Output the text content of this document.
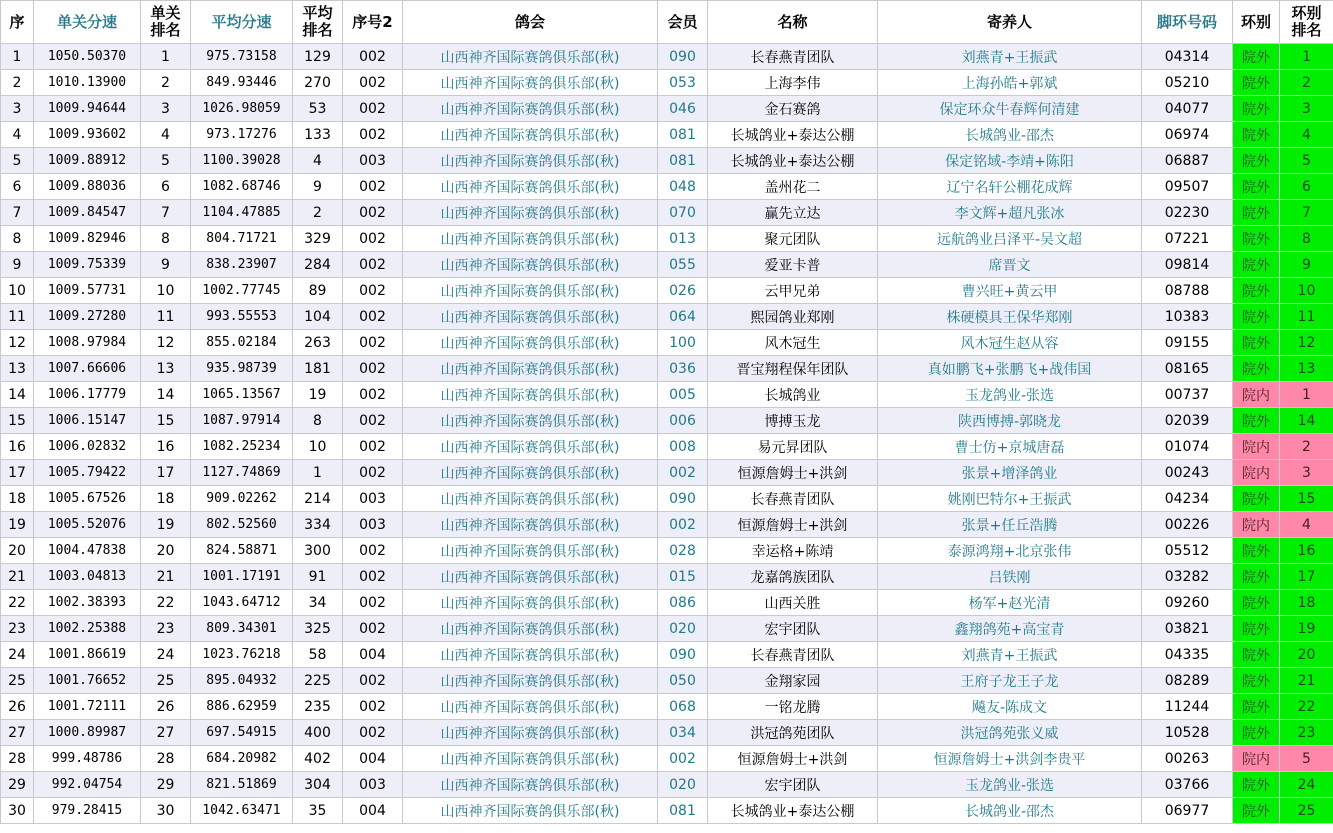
序	单关分速	单关排名	平均分速	平均排名	序号2	鸽会	会员	名称	寄养人	脚环号码	环别	环别排名
1	1050.50370	1	975.73158	129	002	山西神齐国际赛鸽俱乐部(秋)	090	长春燕青团队	刘燕青+王振武	04314	院外	1
2	1010.13900	2	849.93446	270	002	山西神齐国际赛鸽俱乐部(秋)	053	上海李伟	上海孙皓+郭斌	05210	院外	2
3	1009.94644	3	1026.98059	53	002	山西神齐国际赛鸽俱乐部(秋)	046	金石赛鸽	保定环众牛春辉何清建	04077	院外	3
4	1009.93602	4	973.17276	133	002	山西神齐国际赛鸽俱乐部(秋)	081	长城鸽业+泰达公棚	长城鸽业-邵杰	06974	院外	4
5	1009.88912	5	1100.39028	4	003	山西神齐国际赛鸽俱乐部(秋)	081	长城鸽业+泰达公棚	保定铭域-李靖+陈阳	06887	院外	5
6	1009.88036	6	1082.68746	9	002	山西神齐国际赛鸽俱乐部(秋)	048	盖州花二	辽宁名轩公棚花成辉	09507	院外	6
7	1009.84547	7	1104.47885	2	002	山西神齐国际赛鸽俱乐部(秋)	070	赢先立达	李文辉+超凡张冰	02230	院外	7
8	1009.82946	8	804.71721	329	002	山西神齐国际赛鸽俱乐部(秋)	013	聚元团队	远航鸽业吕泽平-吴文超	07221	院外	8
9	1009.75339	9	838.23907	284	002	山西神齐国际赛鸽俱乐部(秋)	055	爱亚卡普	席晋文	09814	院外	9
10	1009.57731	10	1002.77745	89	002	山西神齐国际赛鸽俱乐部(秋)	026	云甲兄弟	曹兴旺+黄云甲	08788	院外	10
11	1009.27280	11	993.55553	104	002	山西神齐国际赛鸽俱乐部(秋)	064	熙园鸽业郑刚	株硬模具王保华郑刚	10383	院外	11
12	1008.97984	12	855.02184	263	002	山西神齐国际赛鸽俱乐部(秋)	100	风木冠生	风木冠生赵从容	09155	院外	12
13	1007.66606	13	935.98739	181	002	山西神齐国际赛鸽俱乐部(秋)	036	晋宝翔程保年团队	真如鹏飞+张鹏飞+战伟国	08165	院外	13
14	1006.17779	14	1065.13567	19	002	山西神齐国际赛鸽俱乐部(秋)	005	长城鸽业	玉龙鸽业-张选	00737	院内	1
15	1006.15147	15	1087.97914	8	002	山西神齐国际赛鸽俱乐部(秋)	006	博搏玉龙	陕西博搏-郭晓龙	02039	院外	14
16	1006.02832	16	1082.25234	10	002	山西神齐国际赛鸽俱乐部(秋)	008	易元昇团队	曹士仿+京城唐磊	01074	院内	2
17	1005.79422	17	1127.74869	1	002	山西神齐国际赛鸽俱乐部(秋)	002	恒源詹姆士+洪剑	张景+增泽鸽业	00243	院内	3
18	1005.67526	18	909.02262	214	003	山西神齐国际赛鸽俱乐部(秋)	090	长春燕青团队	姚刚巴特尔+王振武	04234	院外	15
19	1005.52076	19	802.52560	334	003	山西神齐国际赛鸽俱乐部(秋)	002	恒源詹姆士+洪剑	张景+任丘浩腾	00226	院内	4
20	1004.47838	20	824.58871	300	002	山西神齐国际赛鸽俱乐部(秋)	028	幸运格+陈靖	泰源鸿翔+北京张伟	05512	院外	16
21	1003.04813	21	1001.17191	91	002	山西神齐国际赛鸽俱乐部(秋)	015	龙嘉鸽族团队	吕铁刚	03282	院外	17
22	1002.38393	22	1043.64712	34	002	山西神齐国际赛鸽俱乐部(秋)	086	山西关胜	杨军+赵光清	09260	院外	18
23	1002.25388	23	809.34301	325	002	山西神齐国际赛鸽俱乐部(秋)	020	宏宇团队	鑫翔鸽苑+高宝青	03821	院外	19
24	1001.86619	24	1023.76218	58	004	山西神齐国际赛鸽俱乐部(秋)	090	长春燕青团队	刘燕青+王振武	04335	院外	20
25	1001.76652	25	895.04932	225	002	山西神齐国际赛鸽俱乐部(秋)	050	金翔家园	王府子龙王子龙	08289	院外	21
26	1001.72111	26	886.62959	235	002	山西神齐国际赛鸽俱乐部(秋)	068	一铭龙腾	飚友-陈成文	11244	院外	22
27	1000.89987	27	697.54915	400	002	山西神齐国际赛鸽俱乐部(秋)	034	洪冠鸽苑团队	洪冠鸽苑张义威	10528	院外	23
28	999.48786	28	684.20982	402	004	山西神齐国际赛鸽俱乐部(秋)	002	恒源詹姆士+洪剑	恒源詹姆士+洪剑李贵平	00263	院内	5
29	992.04754	29	821.51869	304	003	山西神齐国际赛鸽俱乐部(秋)	020	宏宇团队	玉龙鸽业-张选	03766	院外	24
30	979.28415	30	1042.63471	35	004	山西神齐国际赛鸽俱乐部(秋)	081	长城鸽业+泰达公棚	长城鸽业-邵杰	06977	院外	25
